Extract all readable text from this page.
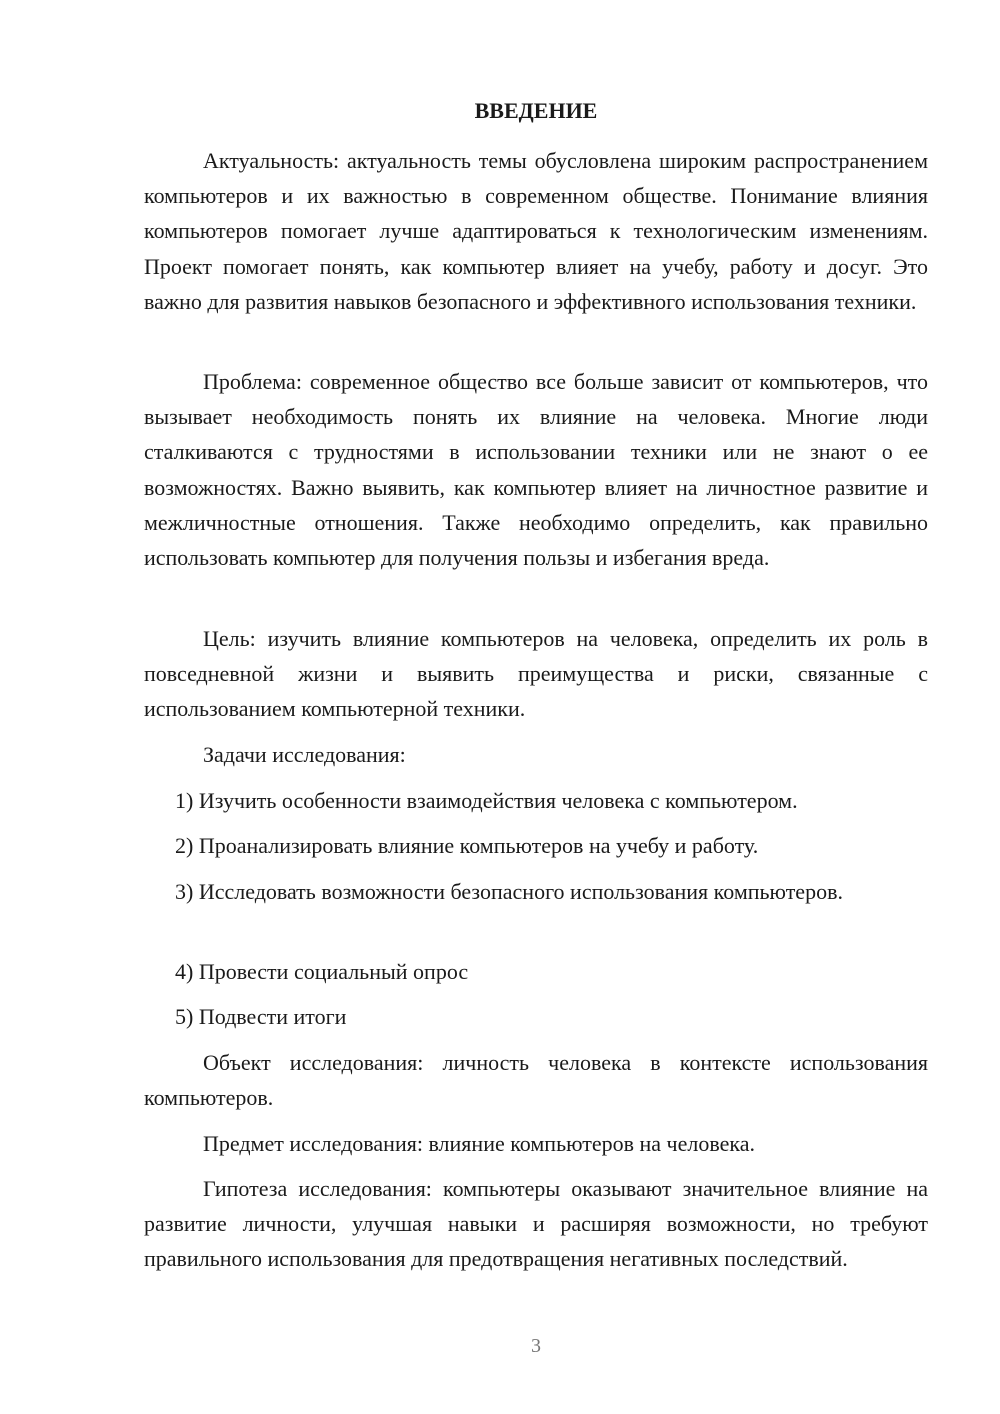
ВВЕДЕНИЕ

Актуальность: актуальность темы обусловлена широким распространением компьютеров и их важностью в современном обществе. Понимание влияния компьютеров помогает лучше адаптироваться к технологическим изменениям. Проект помогает понять, как компьютер влияет на учебу, работу и досуг. Это важно для развития навыков безопасного и эффективного использования техники.

Проблема: современное общество все больше зависит от компьютеров, что вызывает необходимость понять их влияние на человека. Многие люди сталкиваются с трудностями в использовании техники или не знают о ее возможностях. Важно выявить, как компьютер влияет на личностное развитие и межличностные отношения. Также необходимо определить, как правильно использовать компьютер для получения пользы и избегания вреда.

Цель: изучить влияние компьютеров на человека, определить их роль в повседневной жизни и выявить преимущества и риски, связанные с использованием компьютерной техники.

Задачи исследования:

1) Изучить особенности взаимодействия человека с компьютером.

2) Проанализировать влияние компьютеров на учебу и работу.

3) Исследовать возможности безопасного использования компьютеров.

4) Провести социальный опрос

5) Подвести итоги

Объект исследования: личность человека в контексте использования компьютеров.

Предмет исследования: влияние компьютеров на человека.

Гипотеза исследования: компьютеры оказывают значительное влияние на развитие личности, улучшая навыки и расширяя возможности, но требуют правильного использования для предотвращения негативных последствий.

3
